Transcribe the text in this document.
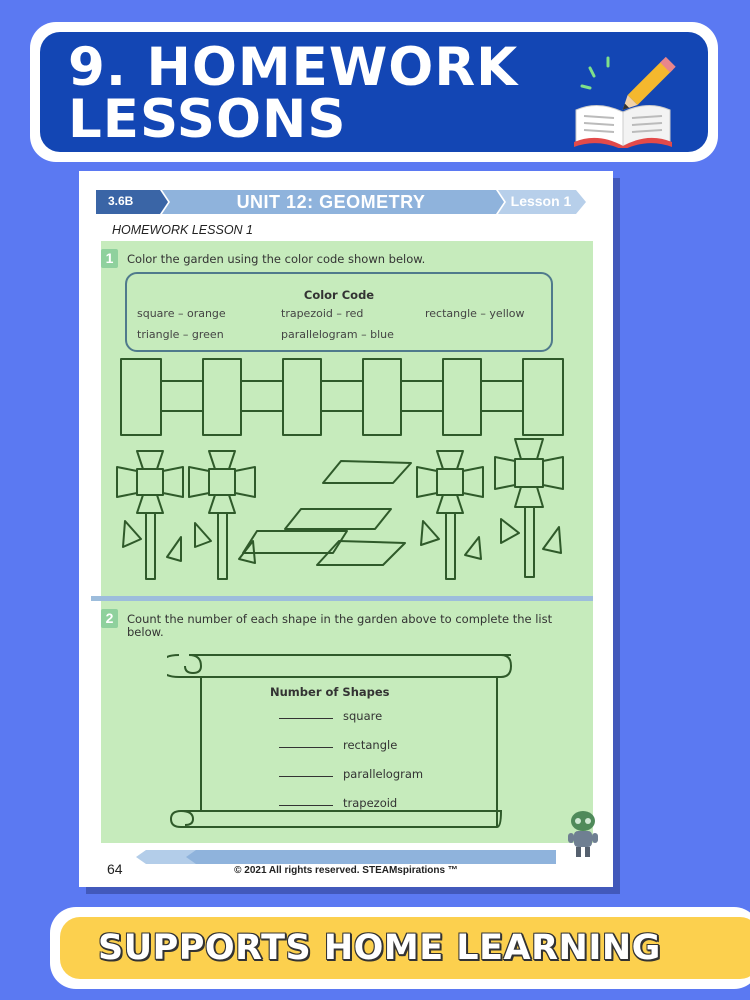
9. HOMEWORK
LESSONS
3.6B	UNIT 12: GEOMETRY	Lesson 1
HOMEWORK LESSON 1
1	Color the garden using the color code shown below.
Color Code
square – orange	trapezoid – red	rectangle – yellow
triangle – green	parallelogram – blue
2	Count the number of each shape in the garden above to complete the list
below.
Number of Shapes
square
rectangle
parallelogram
trapezoid
64	© 2021 All rights reserved. STEAMspirations ™

SUPPORTS HOME LEARNING
